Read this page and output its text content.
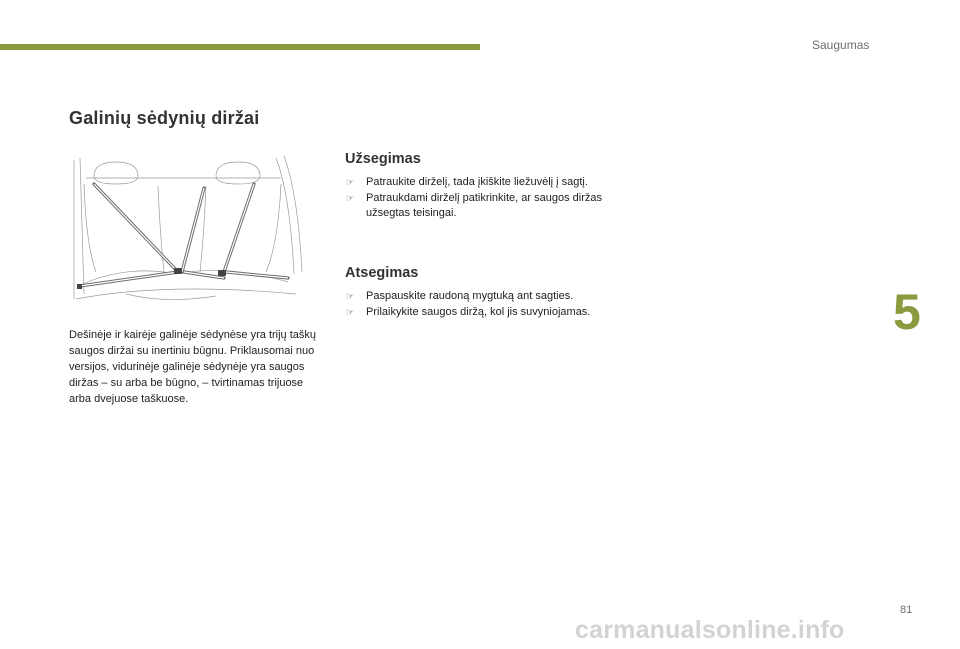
Saugumas
5
Galinių sėdynių diržai

Dešinėje ir kairėje galinėje sėdynėse yra trijų taškų saugos diržai su inertiniu būgnu. Priklausomai nuo versijos, vidurinėje galinėje sėdynėje yra saugos diržas – su arba be būgno, – tvirtinamas trijuose arba dvejuose taškuose.

Užsegimas
☞ Patraukite dirželį, tada įkiškite liežuvėlį į sagtį.
☞ Patraukdami dirželį patikrinkite, ar saugos diržas užsegtas teisingai.
Atsegimas
☞ Paspauskite raudoną mygtuką ant sagties.
☞ Prilaikykite saugos diržą, kol jis suvyniojamas.
81
carmanualsonline.info
